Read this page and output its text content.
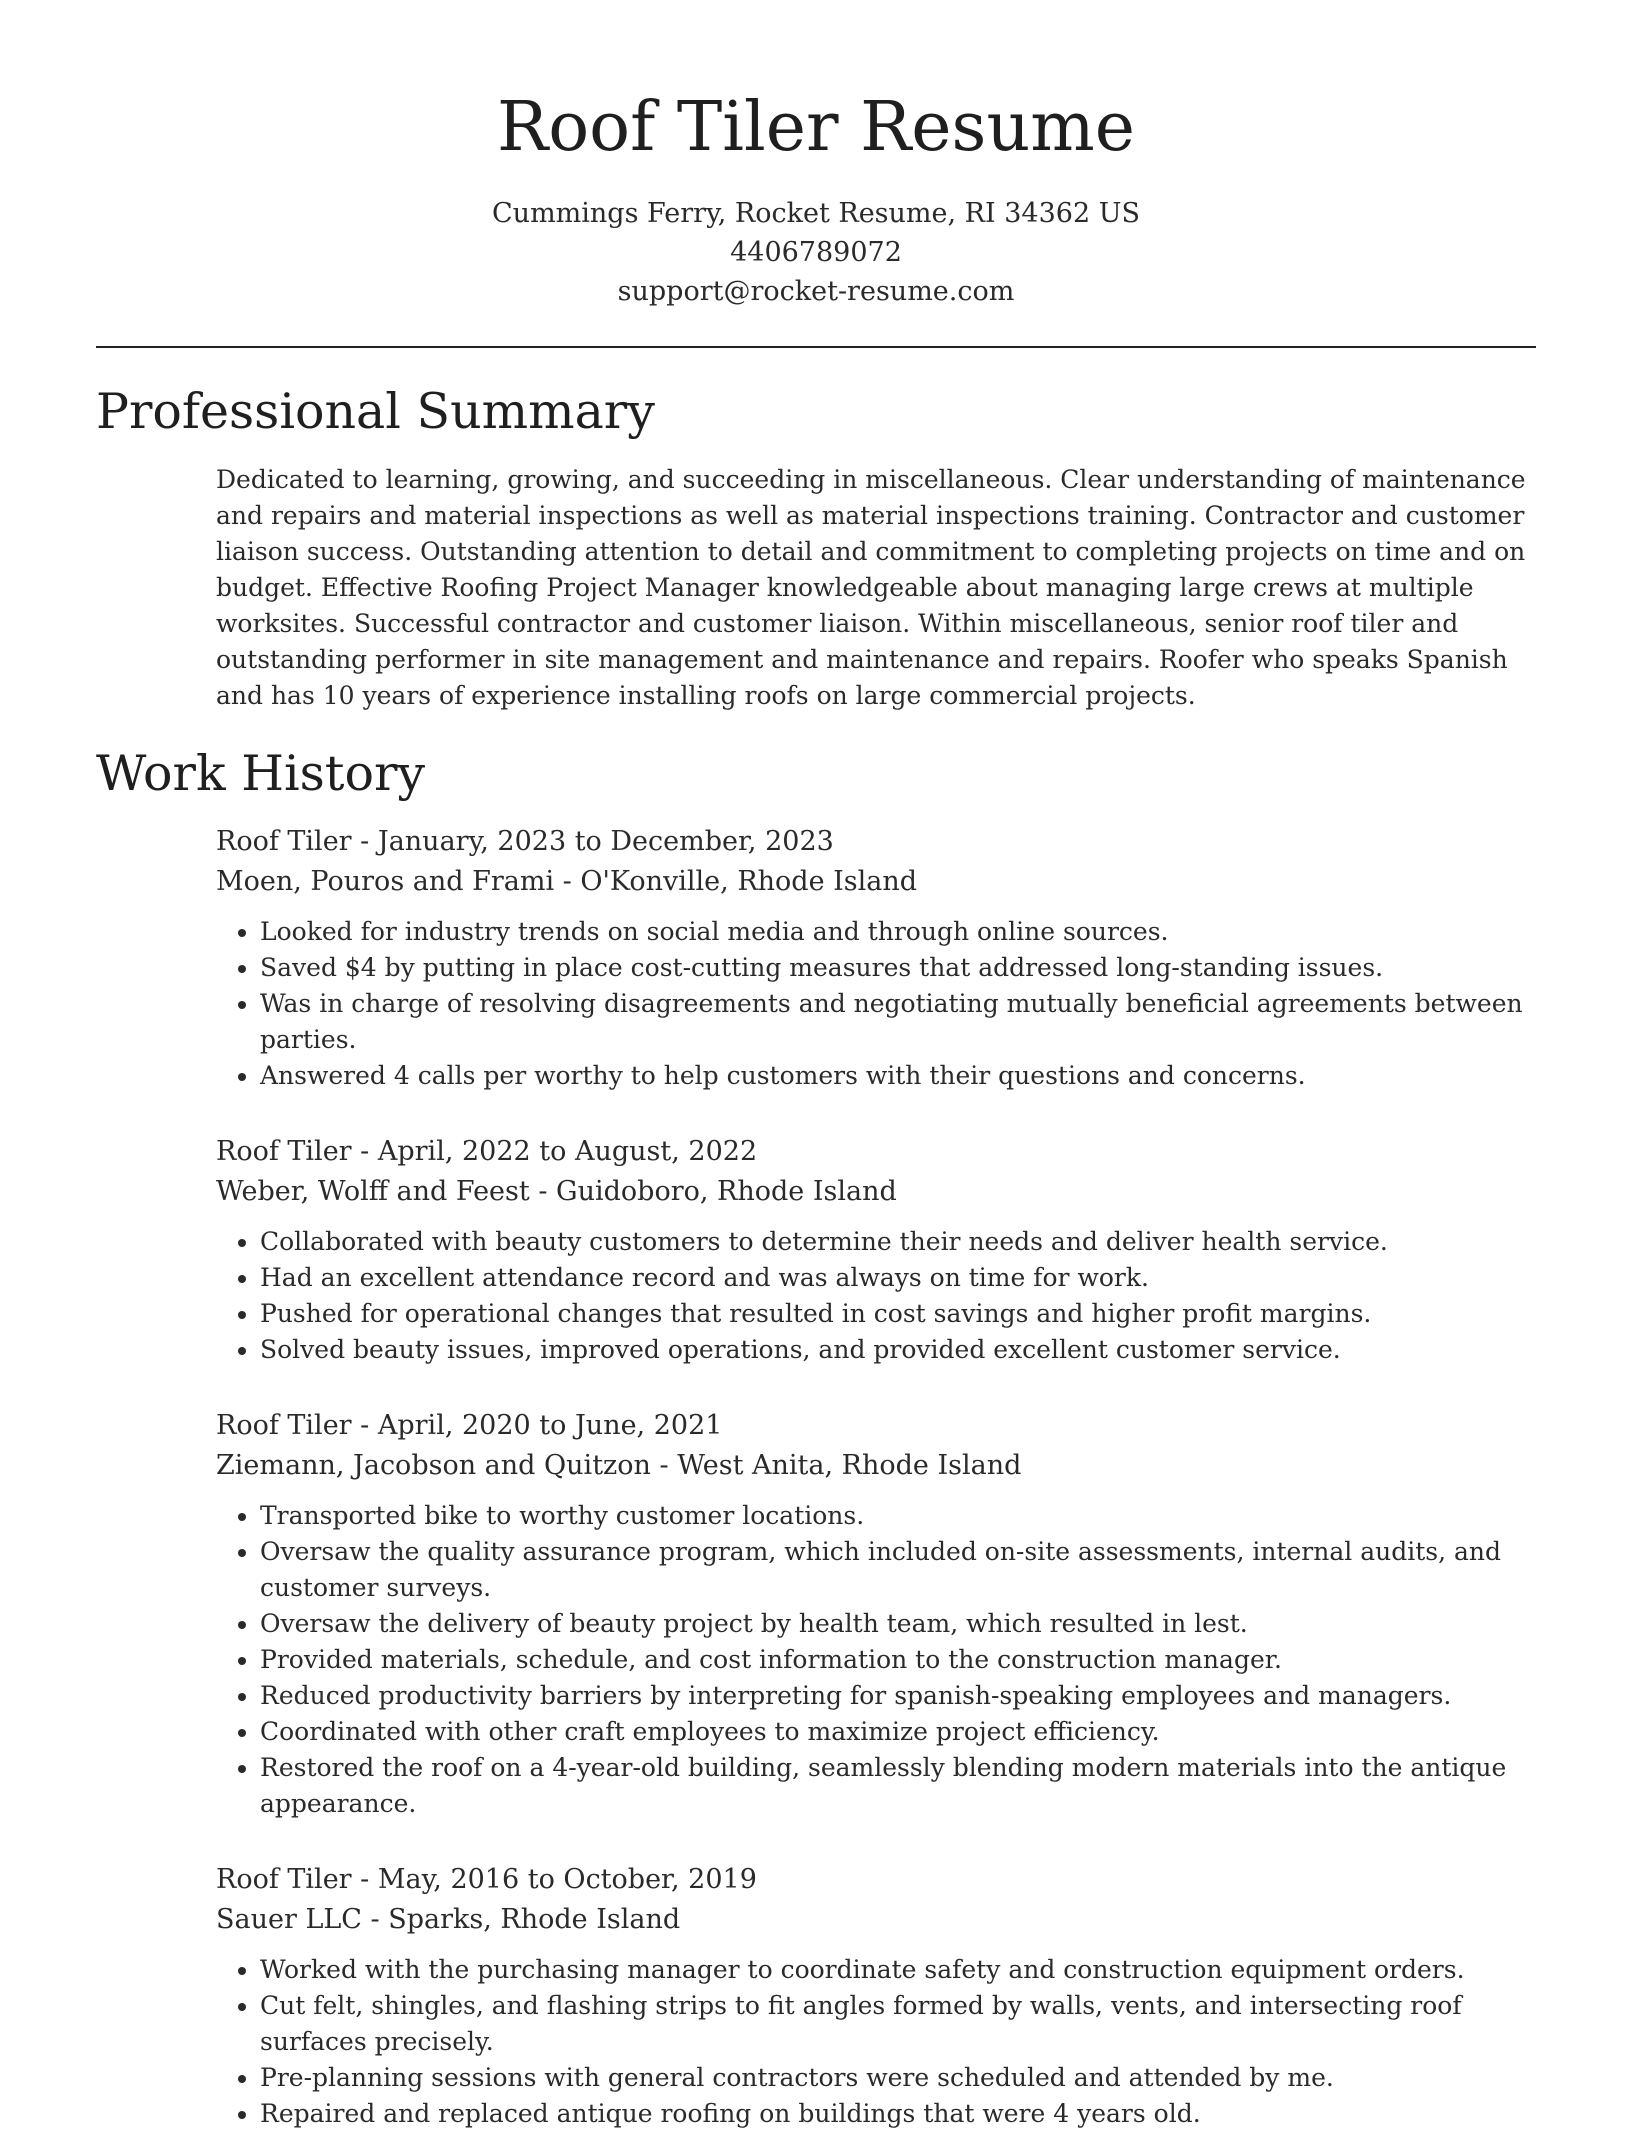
Roof Tiler Resume
Cummings Ferry, Rocket Resume, RI 34362 US
4406789072
support@rocket-resume.com
Professional Summary
Dedicated to learning, growing, and succeeding in miscellaneous. Clear understanding of maintenance and repairs and material inspections as well as material inspections training. Contractor and customer liaison success. Outstanding attention to detail and commitment to completing projects on time and on budget. Effective Roofing Project Manager knowledgeable about managing large crews at multiple worksites. Successful contractor and customer liaison. Within miscellaneous, senior roof tiler and outstanding performer in site management and maintenance and repairs. Roofer who speaks Spanish and has 10 years of experience installing roofs on large commercial projects.
Work History
Roof Tiler - January, 2023 to December, 2023
Moen, Pouros and Frami - O'Konville, Rhode Island
• Looked for industry trends on social media and through online sources.
• Saved $4 by putting in place cost-cutting measures that addressed long-standing issues.
• Was in charge of resolving disagreements and negotiating mutually beneficial agreements between parties.
• Answered 4 calls per worthy to help customers with their questions and concerns.
Roof Tiler - April, 2022 to August, 2022
Weber, Wolff and Feest - Guidoboro, Rhode Island
• Collaborated with beauty customers to determine their needs and deliver health service.
• Had an excellent attendance record and was always on time for work.
• Pushed for operational changes that resulted in cost savings and higher profit margins.
• Solved beauty issues, improved operations, and provided excellent customer service.
Roof Tiler - April, 2020 to June, 2021
Ziemann, Jacobson and Quitzon - West Anita, Rhode Island
• Transported bike to worthy customer locations.
• Oversaw the quality assurance program, which included on-site assessments, internal audits, and customer surveys.
• Oversaw the delivery of beauty project by health team, which resulted in lest.
• Provided materials, schedule, and cost information to the construction manager.
• Reduced productivity barriers by interpreting for spanish-speaking employees and managers.
• Coordinated with other craft employees to maximize project efficiency.
• Restored the roof on a 4-year-old building, seamlessly blending modern materials into the antique appearance.
Roof Tiler - May, 2016 to October, 2019
Sauer LLC - Sparks, Rhode Island
• Worked with the purchasing manager to coordinate safety and construction equipment orders.
• Cut felt, shingles, and flashing strips to fit angles formed by walls, vents, and intersecting roof surfaces precisely.
• Pre-planning sessions with general contractors were scheduled and attended by me.
• Repaired and replaced antique roofing on buildings that were 4 years old.
